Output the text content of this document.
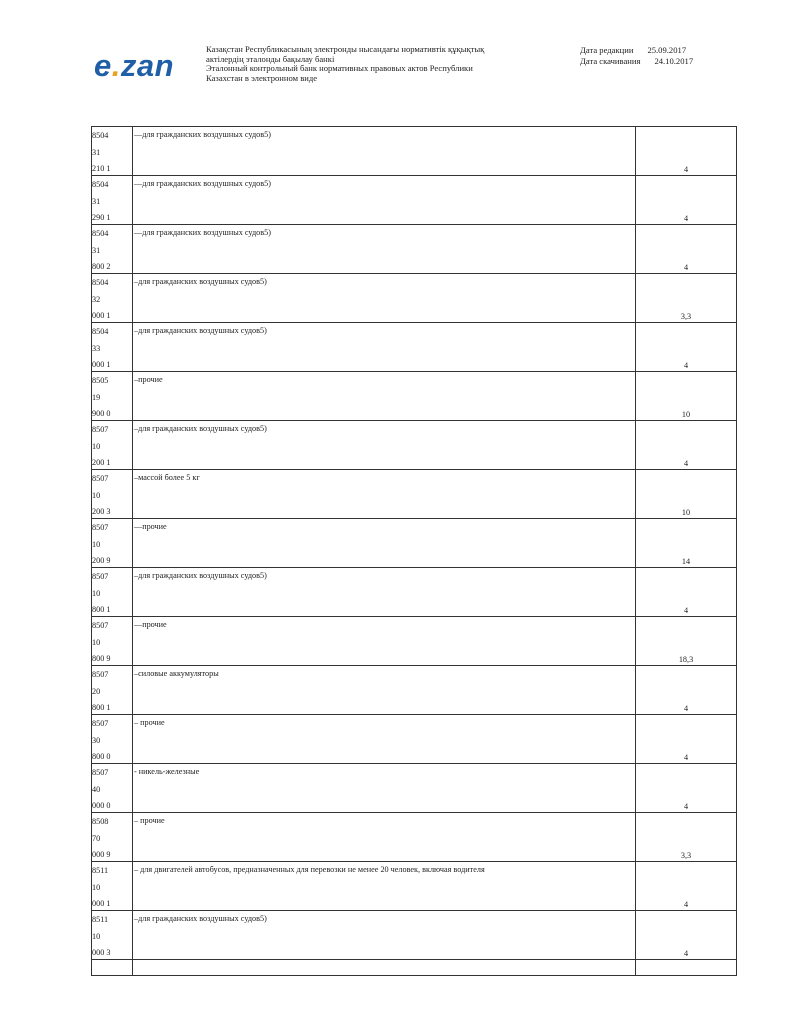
e.zan	Казақстан Республикасының электронды нысандағы нормативтік құқықтық
актілердің эталонды бақылау банкі
Эталонный контрольный банк нормативных правовых актов Республики
Казахстан в электронном виде
Дата редакции 25.09.2017
Дата скачивания 24.10.2017
8504
31
210 1	—для гражданских воздушных судов5)	4

8504
31
290 1	—для гражданских воздушных судов5)	4

8504
31
800 2	—для гражданских воздушных судов5)	4

8504
32
000 1	–для гражданских воздушных судов5)	3,3

8504
33
000 1	–для гражданских воздушных судов5)	4

8505
19
900 0	–прочие	10

8507
10
200 1	–для гражданских воздушных судов5)	4

8507
10
200 3	–массой более 5 кг	10

8507
10
200 9	—прочие	14

8507
10
800 1	–для гражданских воздушных судов5)	4

8507
10
800 9	—прочие	18,3

8507
20
800 1	–силовые аккумуляторы	4

8507
30
800 0	– прочие	4

8507
40
000 0	- никель-железные	4

8508
70
000 9	– прочие	3,3

8511
10
000 1	– для двигателей автобусов, предназначенных для перевозки не менее 20 человек, включая водителя	4

8511
10
000 3	–для гражданских воздушных судов5)	4
